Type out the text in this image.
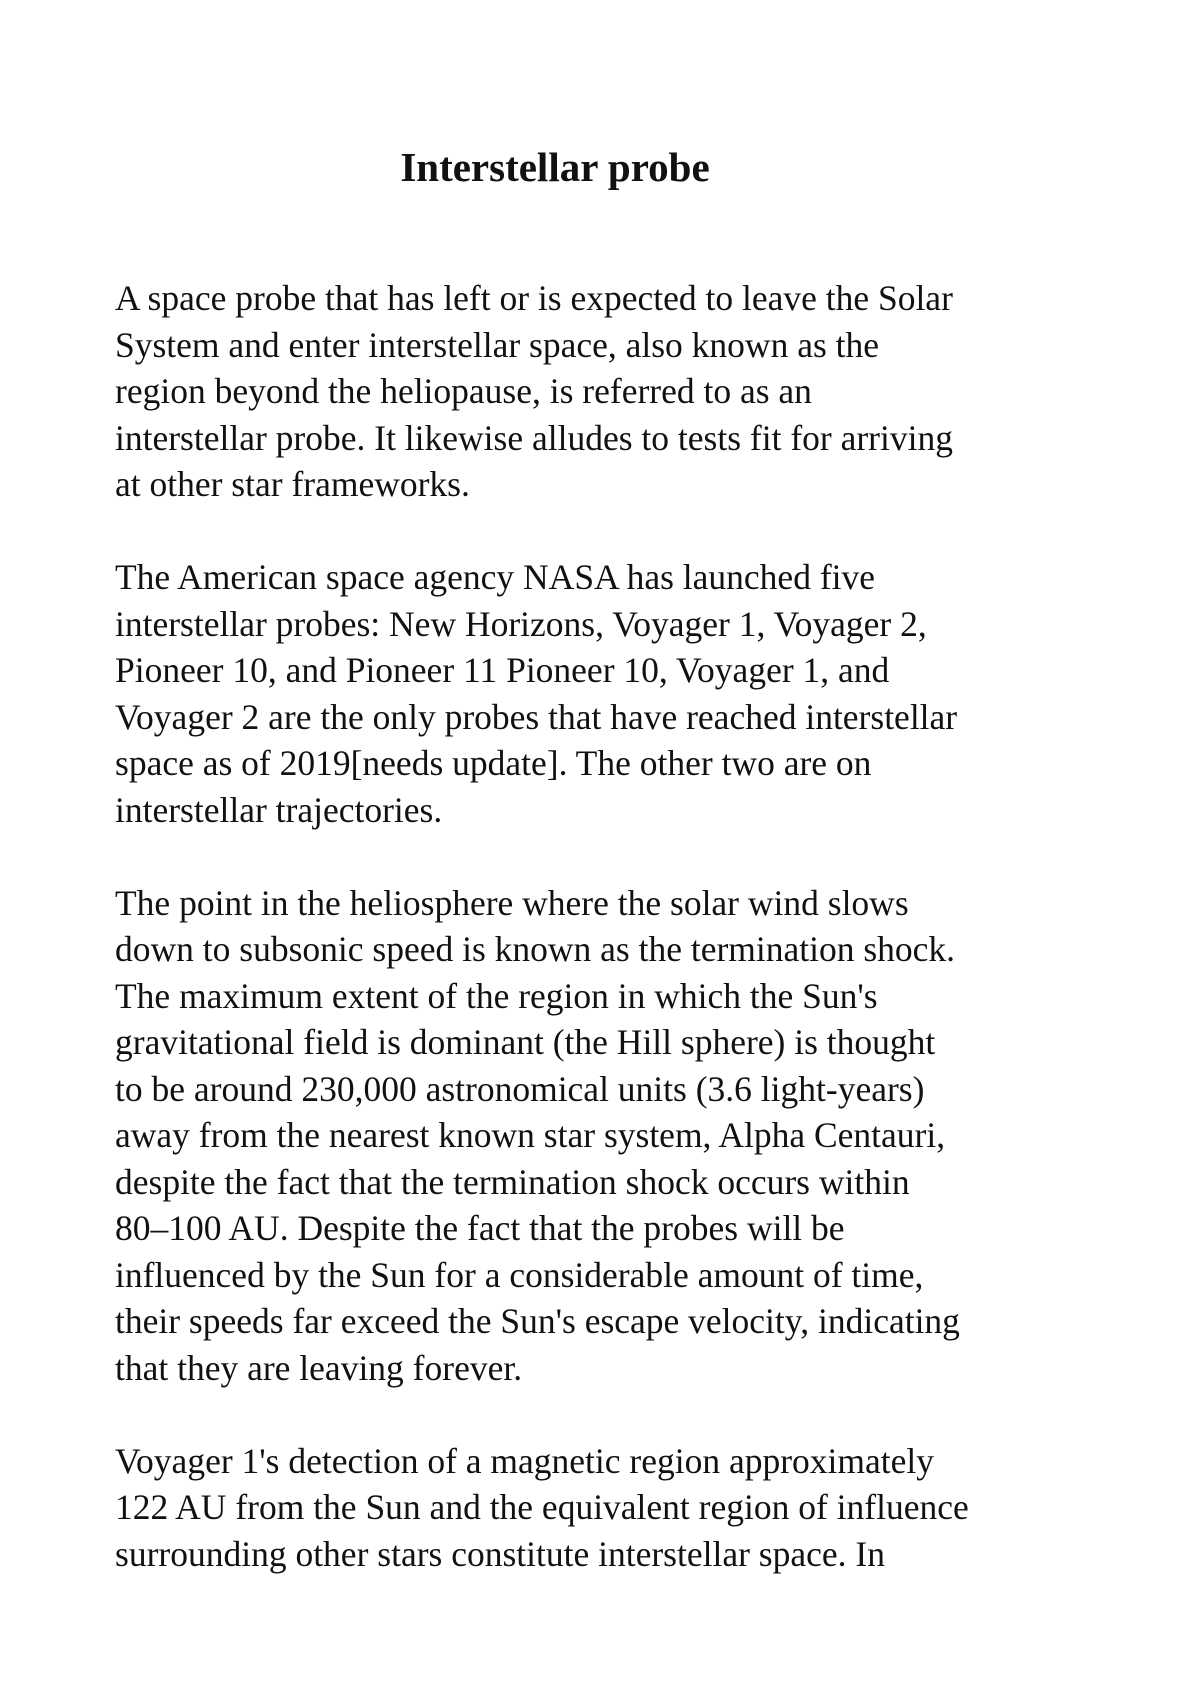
Interstellar probe

A space probe that has left or is expected to leave the Solar
System and enter interstellar space, also known as the
region beyond the heliopause, is referred to as an
interstellar probe. It likewise alludes to tests fit for arriving
at other star frameworks.

The American space agency NASA has launched five
interstellar probes: New Horizons, Voyager 1, Voyager 2,
Pioneer 10, and Pioneer 11 Pioneer 10, Voyager 1, and
Voyager 2 are the only probes that have reached interstellar
space as of 2019[needs update]. The other two are on
interstellar trajectories.

The point in the heliosphere where the solar wind slows
down to subsonic speed is known as the termination shock.
The maximum extent of the region in which the Sun's
gravitational field is dominant (the Hill sphere) is thought
to be around 230,000 astronomical units (3.6 light-years)
away from the nearest known star system, Alpha Centauri,
despite the fact that the termination shock occurs within
80–100 AU. Despite the fact that the probes will be
influenced by the Sun for a considerable amount of time,
their speeds far exceed the Sun's escape velocity, indicating
that they are leaving forever.

Voyager 1's detection of a magnetic region approximately
122 AU from the Sun and the equivalent region of influence
surrounding other stars constitute interstellar space. In
